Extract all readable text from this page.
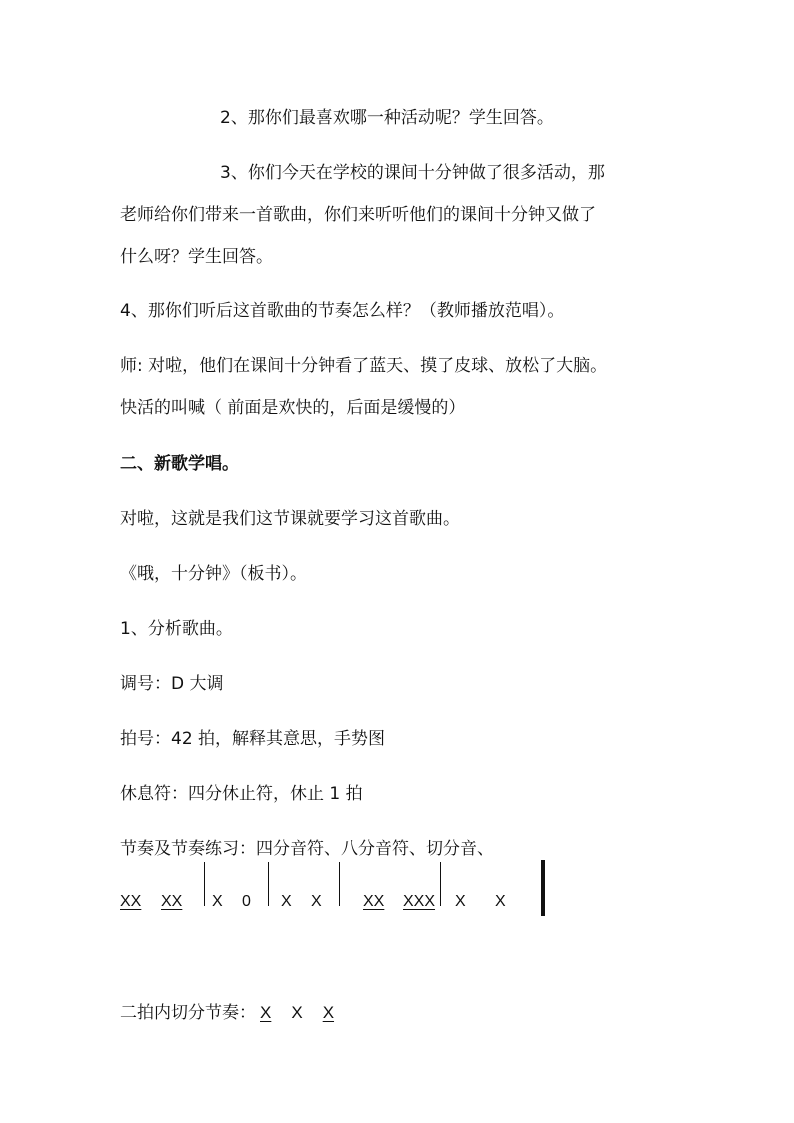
2、那你们最喜欢哪一种活动呢？学生回答。
3、你们今天在学校的课间十分钟做了很多活动，那
老师给你们带来一首歌曲，你们来听听他们的课间十分钟又做了
什么呀？学生回答。
4、那你们听后这首歌曲的节奏怎么样？（教师播放范唱）。
师: 对啦，他们在课间十分钟看了蓝天、摸了皮球、放松了大脑。
快活的叫喊（ 前面是欢快的，后面是缓慢的）
二、新歌学唱。
对啦，这就是我们这节课就要学习这首歌曲。
《哦，十分钟》（板书）。
1、分析歌曲。
调号：D 大调
拍号：42 拍，解释其意思，手势图
休息符：四分休止符，休止 1 拍
节奏及节奏练习：四分音符、八分音符、切分音、
XX XX X 0 X X	XX XXX X X
二拍内切分节奏： X X X
